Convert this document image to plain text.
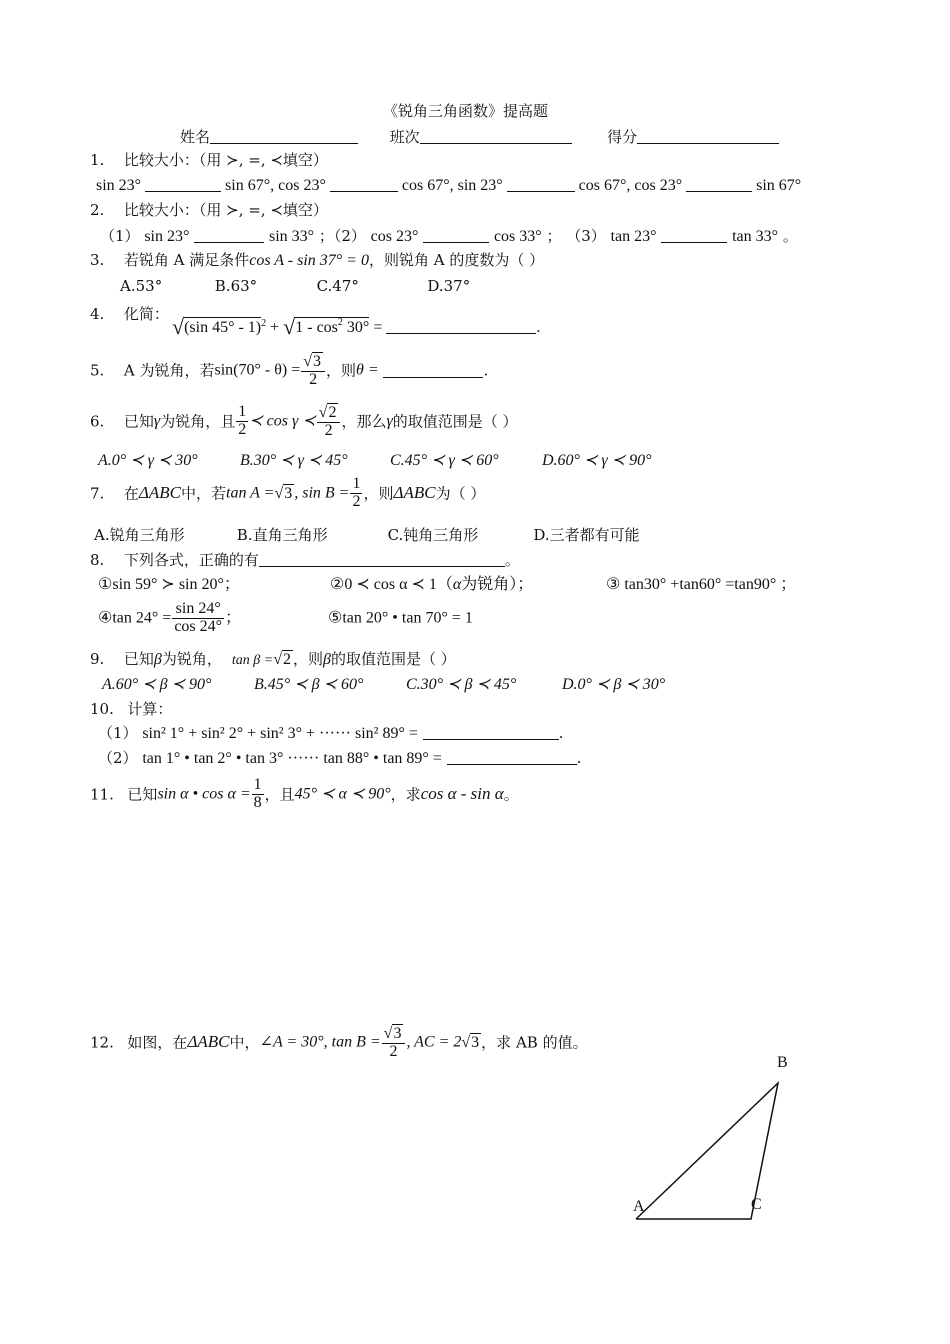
《锐角三角函数》提高题
姓名	班次	得分
1. 比较大小：（用 ≻, =, ≺填空）
sin 23°	sin 67°, cos 23°	cos 67°, sin 23°	cos 67°, cos 23°	sin 67°
2. 比较大小：（用 ≻, =, ≺填空）
（1） sin 23°	sin 33° ；（2） cos 23°	cos 33° ； （3） tan 23°	tan 33° 。
3. 若锐角 A 满足条件cos A - sin 37° = 0，则锐角 A 的度数为（ ）
A.53°	B.63°	C.47°	D.37°
4. 化简： √(sin $45^\circ - 1)^2 + √1 - \cos^2 30^\circ$ =	.
5. A 为锐角，若$\sin(70^\circ - \theta) = \frac{√3}{2}$ ，则θ =	.
6. 已知γ为锐角，且 $\frac{1}{2}$ ≺ cos γ ≺ $\frac{√2}{2}$ ，那么γ的取值范围是（ ）
A.0° ≺ γ ≺ 30°	B.30° ≺ γ ≺ 45°	C.45° ≺ γ ≺ 60°	D.60° ≺ γ ≺ 90°
7. 在ΔABC中，若tan A =√3 , $\sin B = \frac{1}{2}$ ，则ΔABC为（ ）
A.锐角三角形	B.直角三角形	C.钝角三角形	D.三者都有可能
8. 下列各式，正确的有	。
①sin 59° ≻ sin 20°；	②0 ≺ cos α ≺ 1（α为锐角）；	③ tan30° +tan60° =tan90° ；
④tan $24^\circ = \frac{\sin 24^\circ}{\cos 24^\circ}$ ；	⑤tan 20° • tan 70° = 1
9. 已知β为锐角， tan β =√2 ，则β的取值范围是（ ）
A.60° ≺ β ≺ 90°	B.45° ≺ β ≺ 60°	C.30° ≺ β ≺ 45°	D.0° ≺ β ≺ 30°
10. 计算：
（1） sin² 1° + sin² 2° + sin² 3° + ······ sin² 89° =	.
（2） tan 1° • tan 2° • tan 3° ······ tan 88° • tan 89° =	.
11. 已知sin α • $\cos \alpha = \frac{1}{8}$ ，且45° ≺ α ≺ 90°，求cos α - sin α。
12. 如图，在ΔABC中，∠A = 30°, $\tan B = \frac{√3}{2}$ , AC = 2√3 ，求 AB 的值。
B
A	C
